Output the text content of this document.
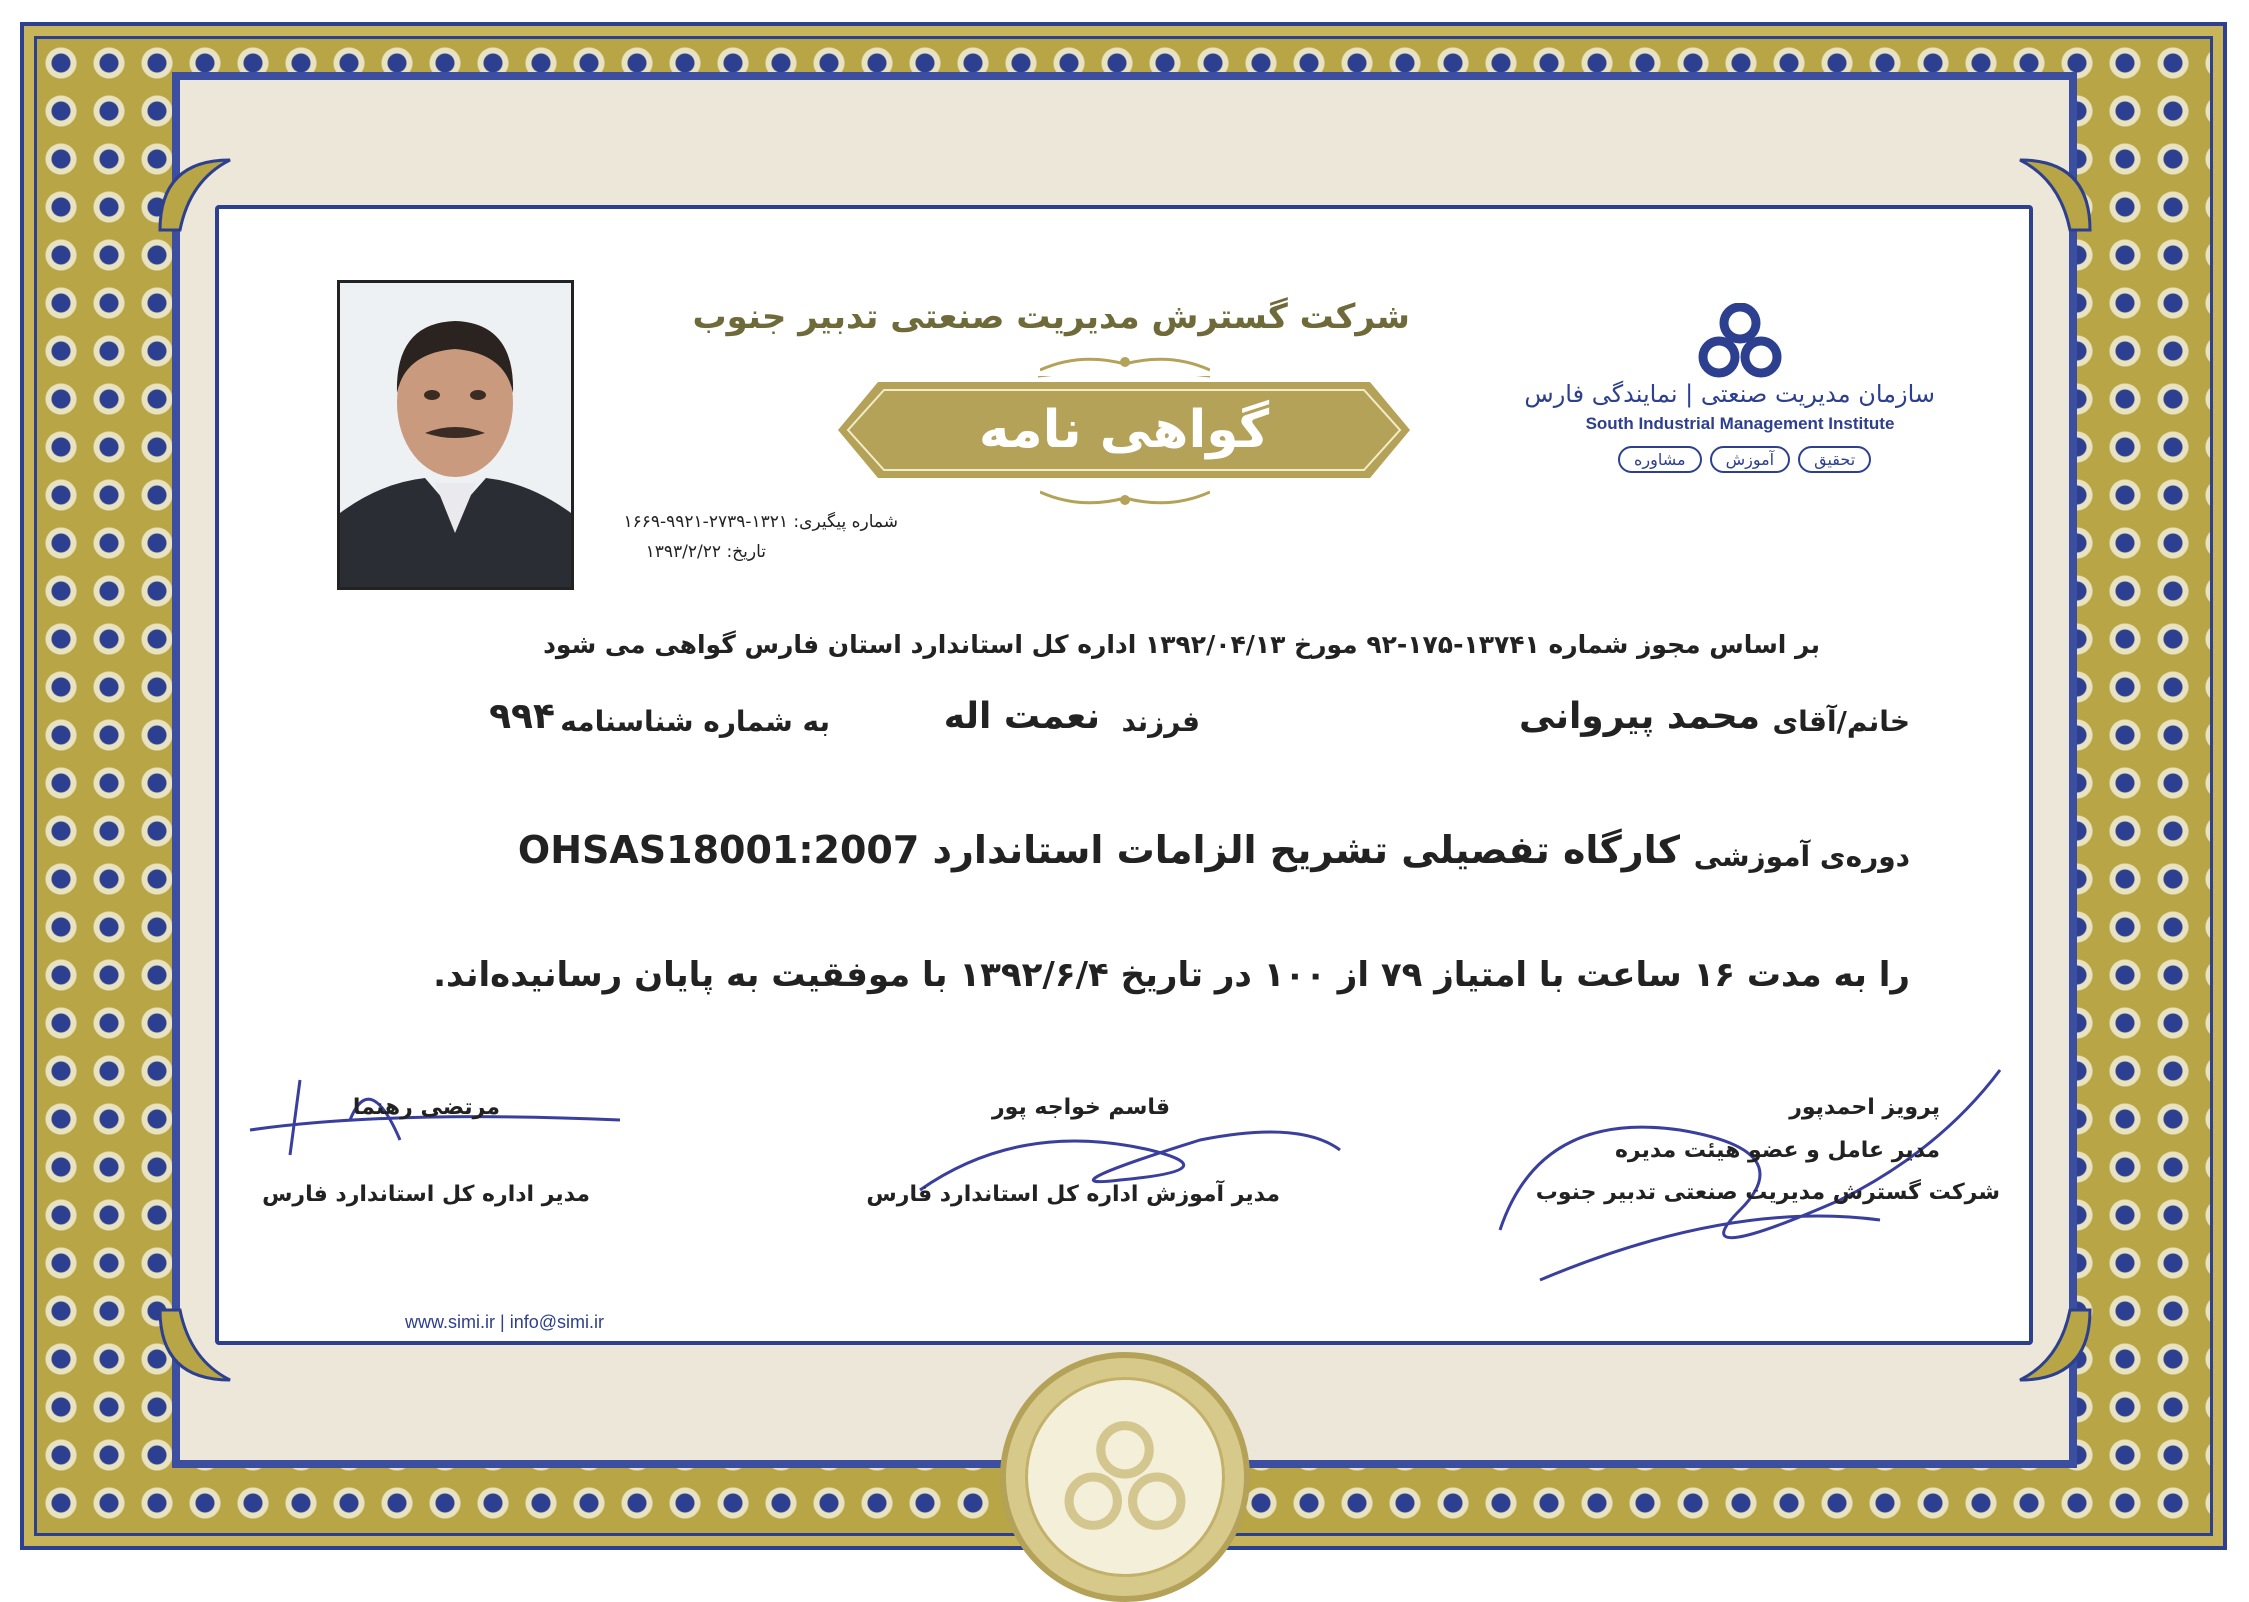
شرکت گسترش مدیریت صنعتی تدبیر جنوب
گواهی نامه
شماره پیگیری: ۱۳۲۱-۲۷۳۹-۹۹۲۱-۱۶۶۹
تاریخ: ۱۳۹۳/۲/۲۲
سازمان مدیریت صنعتی | نمایندگی فارس
South Industrial Management Institute
مشاوره	آموزش	تحقیق
بر اساس مجوز شماره ۱۳۷۴۱-۱۷۵-۹۲ مورخ ۱۳۹۲/۰۴/۱۳ اداره کل استاندارد استان فارس گواهی می شود
خانم/آقای
محمد پیروانی
فرزند
نعمت اله
به شماره شناسنامه
۹۹۴
دوره‌ی آموزشی
کارگاه تفصیلی تشریح الزامات استاندارد OHSAS18001:2007
را به مدت ۱۶ ساعت با امتیاز ۷۹ از ۱۰۰ در تاریخ ۱۳۹۲/۶/۴ با موفقیت به پایان رسانیده‌اند.
پرویز احمدپور
مدیر عامل و عضو هیئت مدیره
شرکت گسترش مدیریت صنعتی تدبیر جنوب
قاسم خواجه پور
مدیر آموزش اداره کل استاندارد فارس
مرتضی رهنما
مدیر اداره کل استاندارد فارس
www.simi.ir | info@simi.ir
